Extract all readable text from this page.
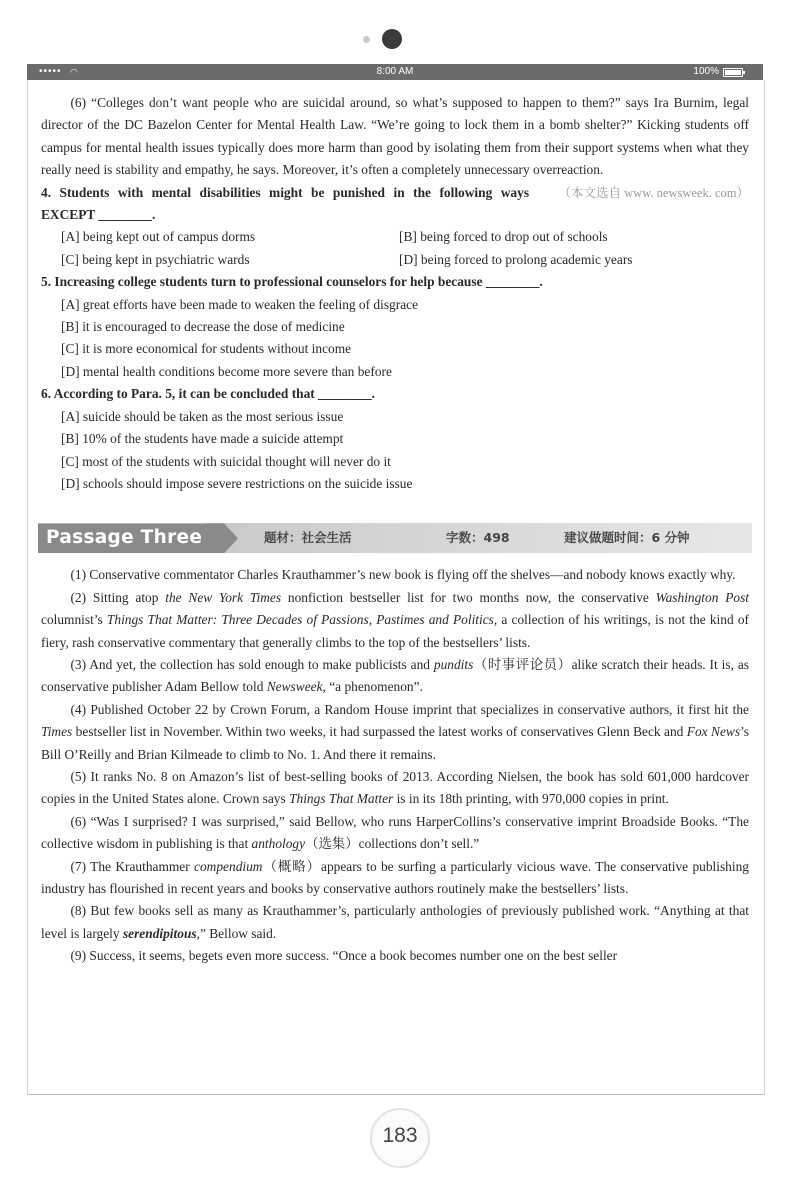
••••• ◠	8:00 AM	100%

(6) “Colleges don’t want people who are suicidal around, so what’s supposed to happen to them?” says Ira Burnim, legal director of the DC Bazelon Center for Mental Health Law. “We’re going to lock them in a bomb shelter?” Kicking students off campus for mental health issues typically does more harm than good by isolating them from their support systems when what they really need is stability and empathy, he says. Moreover, it’s often a completely unnecessary overreaction.
（本文选自 www. newsweek. com）

4. Students with mental disabilities might be punished in the following ways EXCEPT ________.

[A] being kept out of campus dorms	[B] being forced to drop out of schools
[C] being kept in psychiatric wards	[D] being forced to prolong academic years

5. Increasing college students turn to professional counselors for help because ________.

[A] great efforts have been made to weaken the feeling of disgrace
[B] it is encouraged to decrease the dose of medicine
[C] it is more economical for students without income
[D] mental health conditions become more severe than before

6. According to Para. 5, it can be concluded that ________.

[A] suicide should be taken as the most serious issue
[B] 10% of the students have made a suicide attempt
[C] most of the students with suicidal thought will never do it
[D] schools should impose severe restrictions on the suicide issue
Passage Three	题材：社会生活	字数：498	建议做题时间：6 分钟

(1) Conservative commentator Charles Krauthammer’s new book is flying off the shelves—and nobody knows exactly why.

(2) Sitting atop the New York Times nonfiction bestseller list for two months now, the conservative Washington Post columnist’s Things That Matter: Three Decades of Passions, Pastimes and Politics, a collection of his writings, is not the kind of fiery, rash conservative commentary that generally climbs to the top of the bestsellers’ lists.

(3) And yet, the collection has sold enough to make publicists and pundits（时事评论员）alike scratch their heads. It is, as conservative publisher Adam Bellow told Newsweek, “a phenomenon”.

(4) Published October 22 by Crown Forum, a Random House imprint that specializes in conservative authors, it first hit the Times bestseller list in November. Within two weeks, it had surpassed the latest works of conservatives Glenn Beck and Fox News’s Bill O’Reilly and Brian Kilmeade to climb to No. 1. And there it remains.

(5) It ranks No. 8 on Amazon’s list of best-selling books of 2013. According Nielsen, the book has sold 601,000 hardcover copies in the United States alone. Crown says Things That Matter is in its 18th printing, with 970,000 copies in print.

(6) “Was I surprised? I was surprised,” said Bellow, who runs HarperCollins’s conservative imprint Broadside Books. “The collective wisdom in publishing is that anthology（选集）collections don’t sell.”

(7) The Krauthammer compendium（概略）appears to be surfing a particularly vicious wave. The conservative publishing industry has flourished in recent years and books by conservative authors routinely make the bestsellers’ lists.

(8) But few books sell as many as Krauthammer’s, particularly anthologies of previously published work. “Anything at that level is largely serendipitous,” Bellow said.

(9) Success, it seems, begets even more success. “Once a book becomes number one on the best seller

183
